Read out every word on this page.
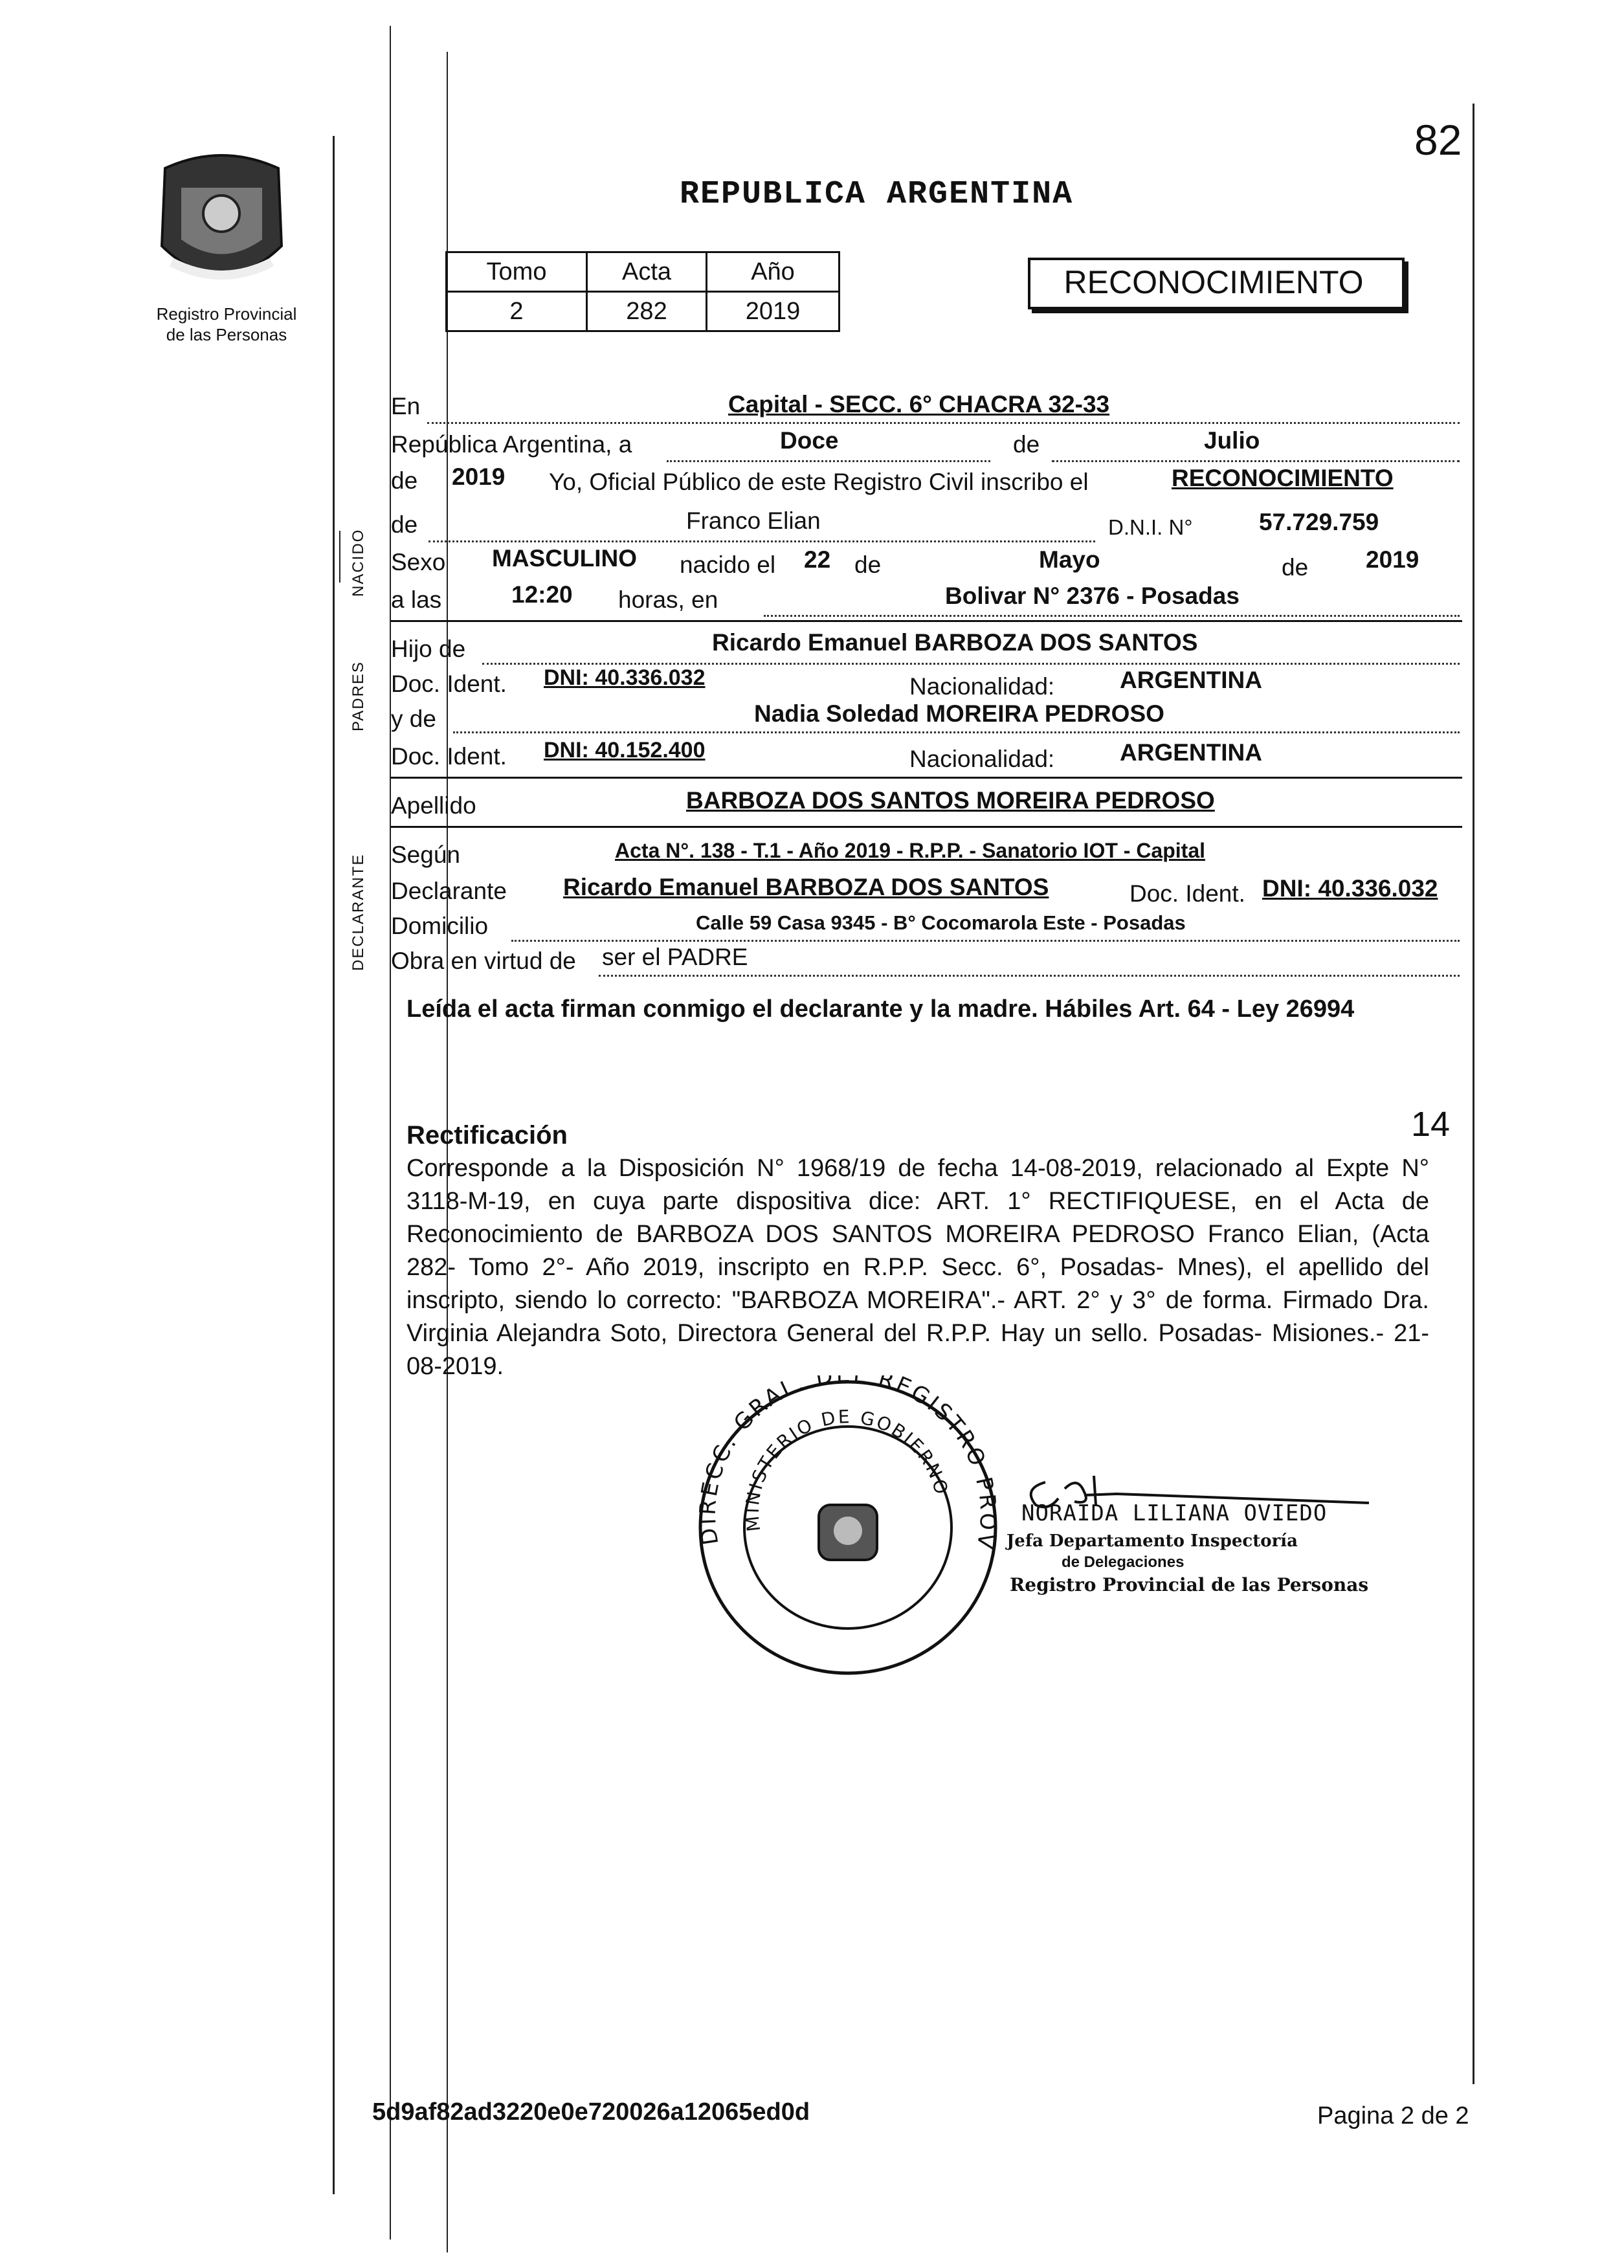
82
Registro Provincial
de las Personas
REPUBLICA ARGENTINA
Tomo	Acta	Año
2	282	2019
RECONOCIMIENTO
NACIDO
PADRES
DECLARANTE
En	Capital - SECC. 6° CHACRA 32-33
República Argentina, a	Doce	de	Julio
de 2019 Yo, Oficial Público de este Registro Civil inscribo el	RECONOCIMIENTO
de	Franco Elian	D.N.I. N°	57.729.759
Sexo MASCULINO nacido el 22 de	Mayo	de 2019
a las	12:20 horas, en	Bolivar N° 2376 - Posadas
Hijo de	Ricardo Emanuel BARBOZA DOS SANTOS
Doc. Ident. DNI: 40.336.032	Nacionalidad:	ARGENTINA
y de	Nadia Soledad MOREIRA PEDROSO
Doc. Ident. DNI: 40.152.400	Nacionalidad:	ARGENTINA
Apellido	BARBOZA DOS SANTOS MOREIRA PEDROSO
Según	Acta N°. 138 - T.1 - Año 2019 - R.P.P. - Sanatorio IOT - Capital
Declarante Ricardo Emanuel BARBOZA DOS SANTOS	Doc. Ident. DNI: 40.336.032
Domicilio	Calle 59 Casa 9345 - B° Cocomarola Este - Posadas
Obra en virtud de ser el PADRE
Leída el acta firman conmigo el declarante y la madre. Hábiles Art. 64 - Ley 26994
Rectificación	14
Corresponde a la Disposición N° 1968/19 de fecha 14-08-2019, relacionado al Expte N° 3118-M-19, en cuya parte dispositiva dice: ART. 1° RECTIFIQUESE, en el Acta de Reconocimiento de BARBOZA DOS SANTOS MOREIRA PEDROSO Franco Elian, (Acta 282- Tomo 2°- Año 2019, inscripto en R.P.P. Secc. 6°, Posadas- Mnes), el apellido del inscripto, siendo lo correcto: "BARBOZA MOREIRA".- ART. 2° y 3° de forma. Firmado Dra. Virginia Alejandra Soto, Directora General del R.P.P. Hay un sello. Posadas- Misiones.- 21-08-2019.
DIRECC. GRAL. D REGISTRO PROV
MINISTERIO DE GOBIERNO
NORAIDA LILIANA OVIEDO
Jefa Departamento Inspectoría
de Delegaciones
Registro Provincial de las Personas
5d9af82ad3220e0e720026a12065ed0d	Pagina 2 de 2
